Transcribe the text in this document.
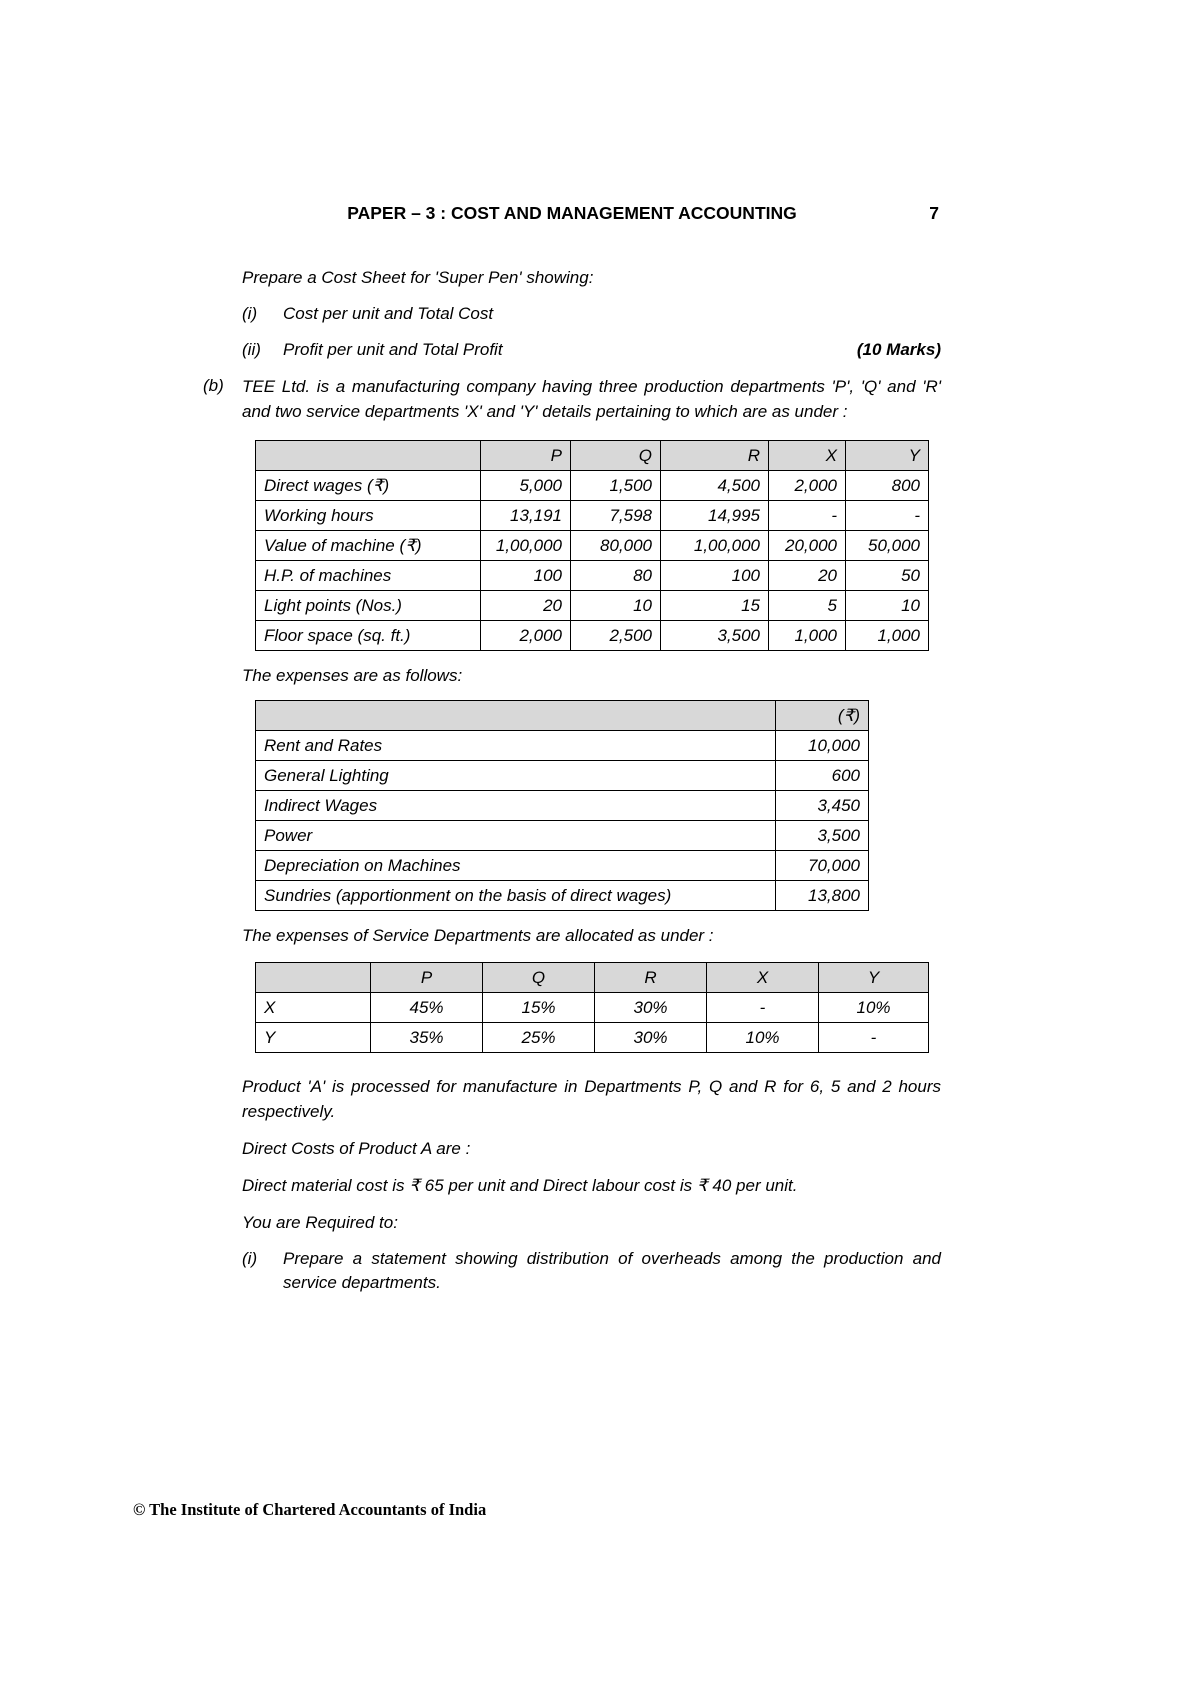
PAPER – 3 : COST AND MANAGEMENT ACCOUNTING	7

Prepare a Cost Sheet for 'Super Pen' showing:

(i)	Cost per unit and Total Cost
(ii)	Profit per unit and Total Profit	(10 Marks)
(b)	TEE Ltd. is a manufacturing company having three production departments 'P', 'Q' and 'R' and two service departments 'X' and 'Y' details pertaining to which are as under :
	P	Q	R	X	Y
Direct wages (₹)	5,000	1,500	4,500	2,000	800
Working hours	13,191	7,598	14,995	-	-
Value of machine (₹)	1,00,000	80,000	1,00,000	20,000	50,000
H.P. of machines	100	80	100	20	50
Light points (Nos.)	20	10	15	5	10
Floor space (sq. ft.)	2,000	2,500	3,500	1,000	1,000

The expenses are as follows:

	(₹)
Rent and Rates	10,000
General Lighting	600
Indirect Wages	3,450
Power	3,500
Depreciation on Machines	70,000
Sundries (apportionment on the basis of direct wages)	13,800

The expenses of Service Departments are allocated as under :

	P	Q	R	X	Y
X	45%	15%	30%	-	10%
Y	35%	25%	30%	10%	-

Product 'A' is processed for manufacture in Departments P, Q and R for 6, 5 and 2 hours respectively.

Direct Costs of Product A are :

Direct material cost is ₹ 65 per unit and Direct labour cost is ₹ 40 per unit.

You are Required to:

(i)	Prepare a statement showing distribution of overheads among the production and service departments.
© The Institute of Chartered Accountants of India
